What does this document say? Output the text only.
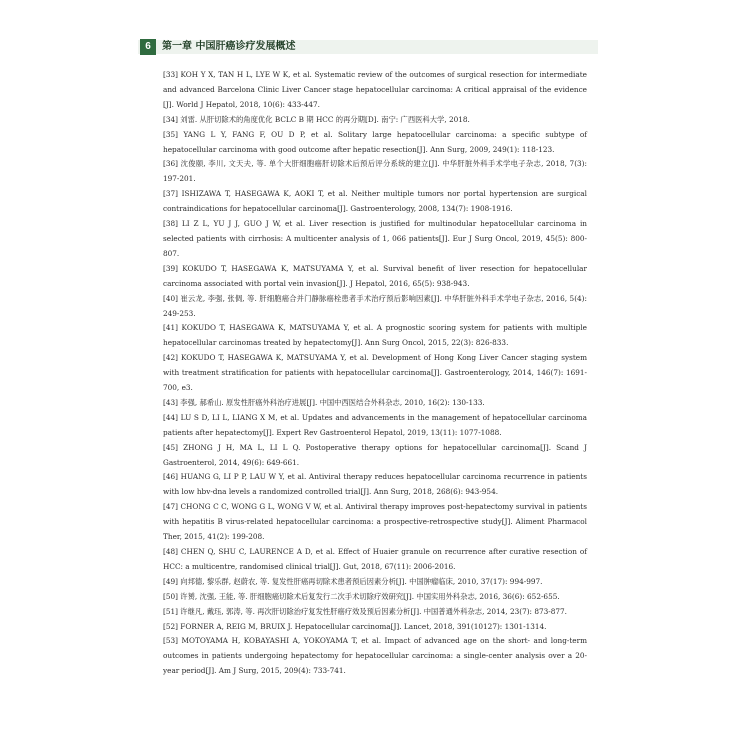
6	第一章 中国肝癌诊疗发展概述

[33] KOH Y X, TAN H L, LYE W K, et al. Systematic review of the outcomes of surgical resection for intermediate and advanced Barcelona Clinic Liver Cancer stage hepatocellular carcinoma: A critical appraisal of the evidence [J]. World J Hepatol, 2018, 10(6): 433-447.

[34] 刘雷. 从肝切除术的角度优化 BCLC B 期 HCC 的再分期[D]. 南宁: 广西医科大学, 2018.

[35] YANG L Y, FANG F, OU D P, et al. Solitary large hepatocellular carcinoma: a specific subtype of hepatocellular carcinoma with good outcome after hepatic resection[J]. Ann Surg, 2009, 249(1): 118-123.

[36] 沈俊颐, 李川, 文天夫, 等. 单个大肝细胞癌肝切除术后预后评分系统的建立[J]. 中华肝脏外科手术学电子杂志, 2018, 7(3): 197-201.

[37] ISHIZAWA T, HASEGAWA K, AOKI T, et al. Neither multiple tumors nor portal hypertension are surgical contraindications for hepatocellular carcinoma[J]. Gastroenterology, 2008, 134(7): 1908-1916.

[38] LI Z L, YU J J, GUO J W, et al. Liver resection is justified for multinodular hepatocellular carcinoma in selected patients with cirrhosis: A multicenter analysis of 1, 066 patients[J]. Eur J Surg Oncol, 2019, 45(5): 800-807.

[39] KOKUDO T, HASEGAWA K, MATSUYAMA Y, et al. Survival benefit of liver resection for hepatocellular carcinoma associated with portal vein invasion[J]. J Hepatol, 2016, 65(5): 938-943.

[40] 崔云龙, 李强, 张倜, 等. 肝细胞癌合并门静脉癌栓患者手术治疗预后影响因素[J]. 中华肝脏外科手术学电子杂志, 2016, 5(4): 249-253.

[41] KOKUDO T, HASEGAWA K, MATSUYAMA Y, et al. A prognostic scoring system for patients with multiple hepatocellular carcinomas treated by hepatectomy[J]. Ann Surg Oncol, 2015, 22(3): 826-833.

[42] KOKUDO T, HASEGAWA K, MATSUYAMA Y, et al. Development of Hong Kong Liver Cancer staging system with treatment stratification for patients with hepatocellular carcinoma[J]. Gastroenterology, 2014, 146(7): 1691-700, e3.

[43] 李强, 郝希山. 原发性肝癌外科治疗进展[J]. 中国中西医结合外科杂志, 2010, 16(2): 130-133.

[44] LU S D, LI L, LIANG X M, et al. Updates and advancements in the management of hepatocellular carcinoma patients after hepatectomy[J]. Expert Rev Gastroenterol Hepatol, 2019, 13(11): 1077-1088.

[45] ZHONG J H, MA L, LI L Q. Postoperative therapy options for hepatocellular carcinoma[J]. Scand J Gastroenterol, 2014, 49(6): 649-661.

[46] HUANG G, LI P P, LAU W Y, et al. Antiviral therapy reduces hepatocellular carcinoma recurrence in patients with low hbv-dna levels a randomized controlled trial[J]. Ann Surg, 2018, 268(6): 943-954.

[47] CHONG C C, WONG G L, WONG V W, et al. Antiviral therapy improves post-hepatectomy survival in patients with hepatitis B virus-related hepatocellular carcinoma: a prospective-retrospective study[J]. Aliment Pharmacol Ther, 2015, 41(2): 199-208.

[48] CHEN Q, SHU C, LAURENCE A D, et al. Effect of Huaier granule on recurrence after curative resection of HCC: a multicentre, randomised clinical trial[J]. Gut, 2018, 67(11): 2006-2016.

[49] 向邦德, 黎乐群, 赵蔚农, 等. 复发性肝癌再切除术患者预后因素分析[J]. 中国肿瘤临床, 2010, 37(17): 994-997.

[50] 许赟, 沈强, 王能, 等. 肝细胞癌切除术后复发行二次手术切除疗效研究[J]. 中国实用外科杂志, 2016, 36(6): 652-655.

[51] 许继凡, 戴珏, 郭涛, 等. 再次肝切除治疗复发性肝癌疗效及预后因素分析[J]. 中国普通外科杂志, 2014, 23(7): 873-877.

[52] FORNER A, REIG M, BRUIX J. Hepatocellular carcinoma[J]. Lancet, 2018, 391(10127): 1301-1314.

[53] MOTOYAMA H, KOBAYASHI A, YOKOYAMA T, et al. Impact of advanced age on the short- and long-term outcomes in patients undergoing hepatectomy for hepatocellular carcinoma: a single-center analysis over a 20-year period[J]. Am J Surg, 2015, 209(4): 733-741.
